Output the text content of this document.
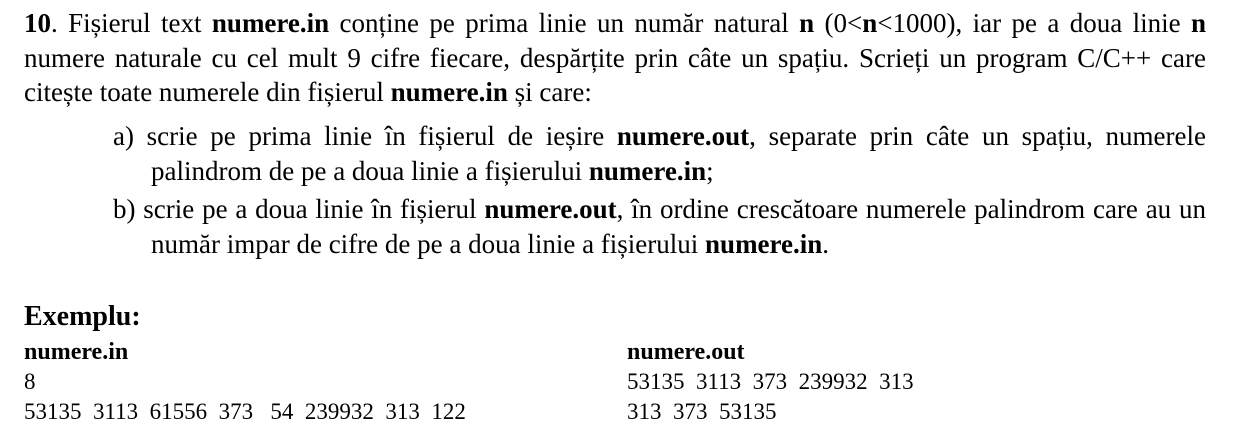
10. Fișierul text numere.in conține pe prima linie un număr natural n (0<n<1000), iar pe a doua linie n numere naturale cu cel mult 9 cifre fiecare, despărțite prin câte un spațiu. Scrieți un program C/C++ care citește toate numerele din fișierul numere.in și care:
a) scrie pe prima linie în fișierul de ieșire numere.out, separate prin câte un spațiu, numerele palindrom de pe a doua linie a fișierului numere.in;
b) scrie pe a doua linie în fișierul numere.out, în ordine crescătoare numerele palindrom care au un număr impar de cifre de pe a doua linie a fișierului numere.in.
Exemplu:
numere.in
8
53135  3113  61556  373   54  239932  313  122
numere.out
53135  3113  373  239932  313
313  373  53135
